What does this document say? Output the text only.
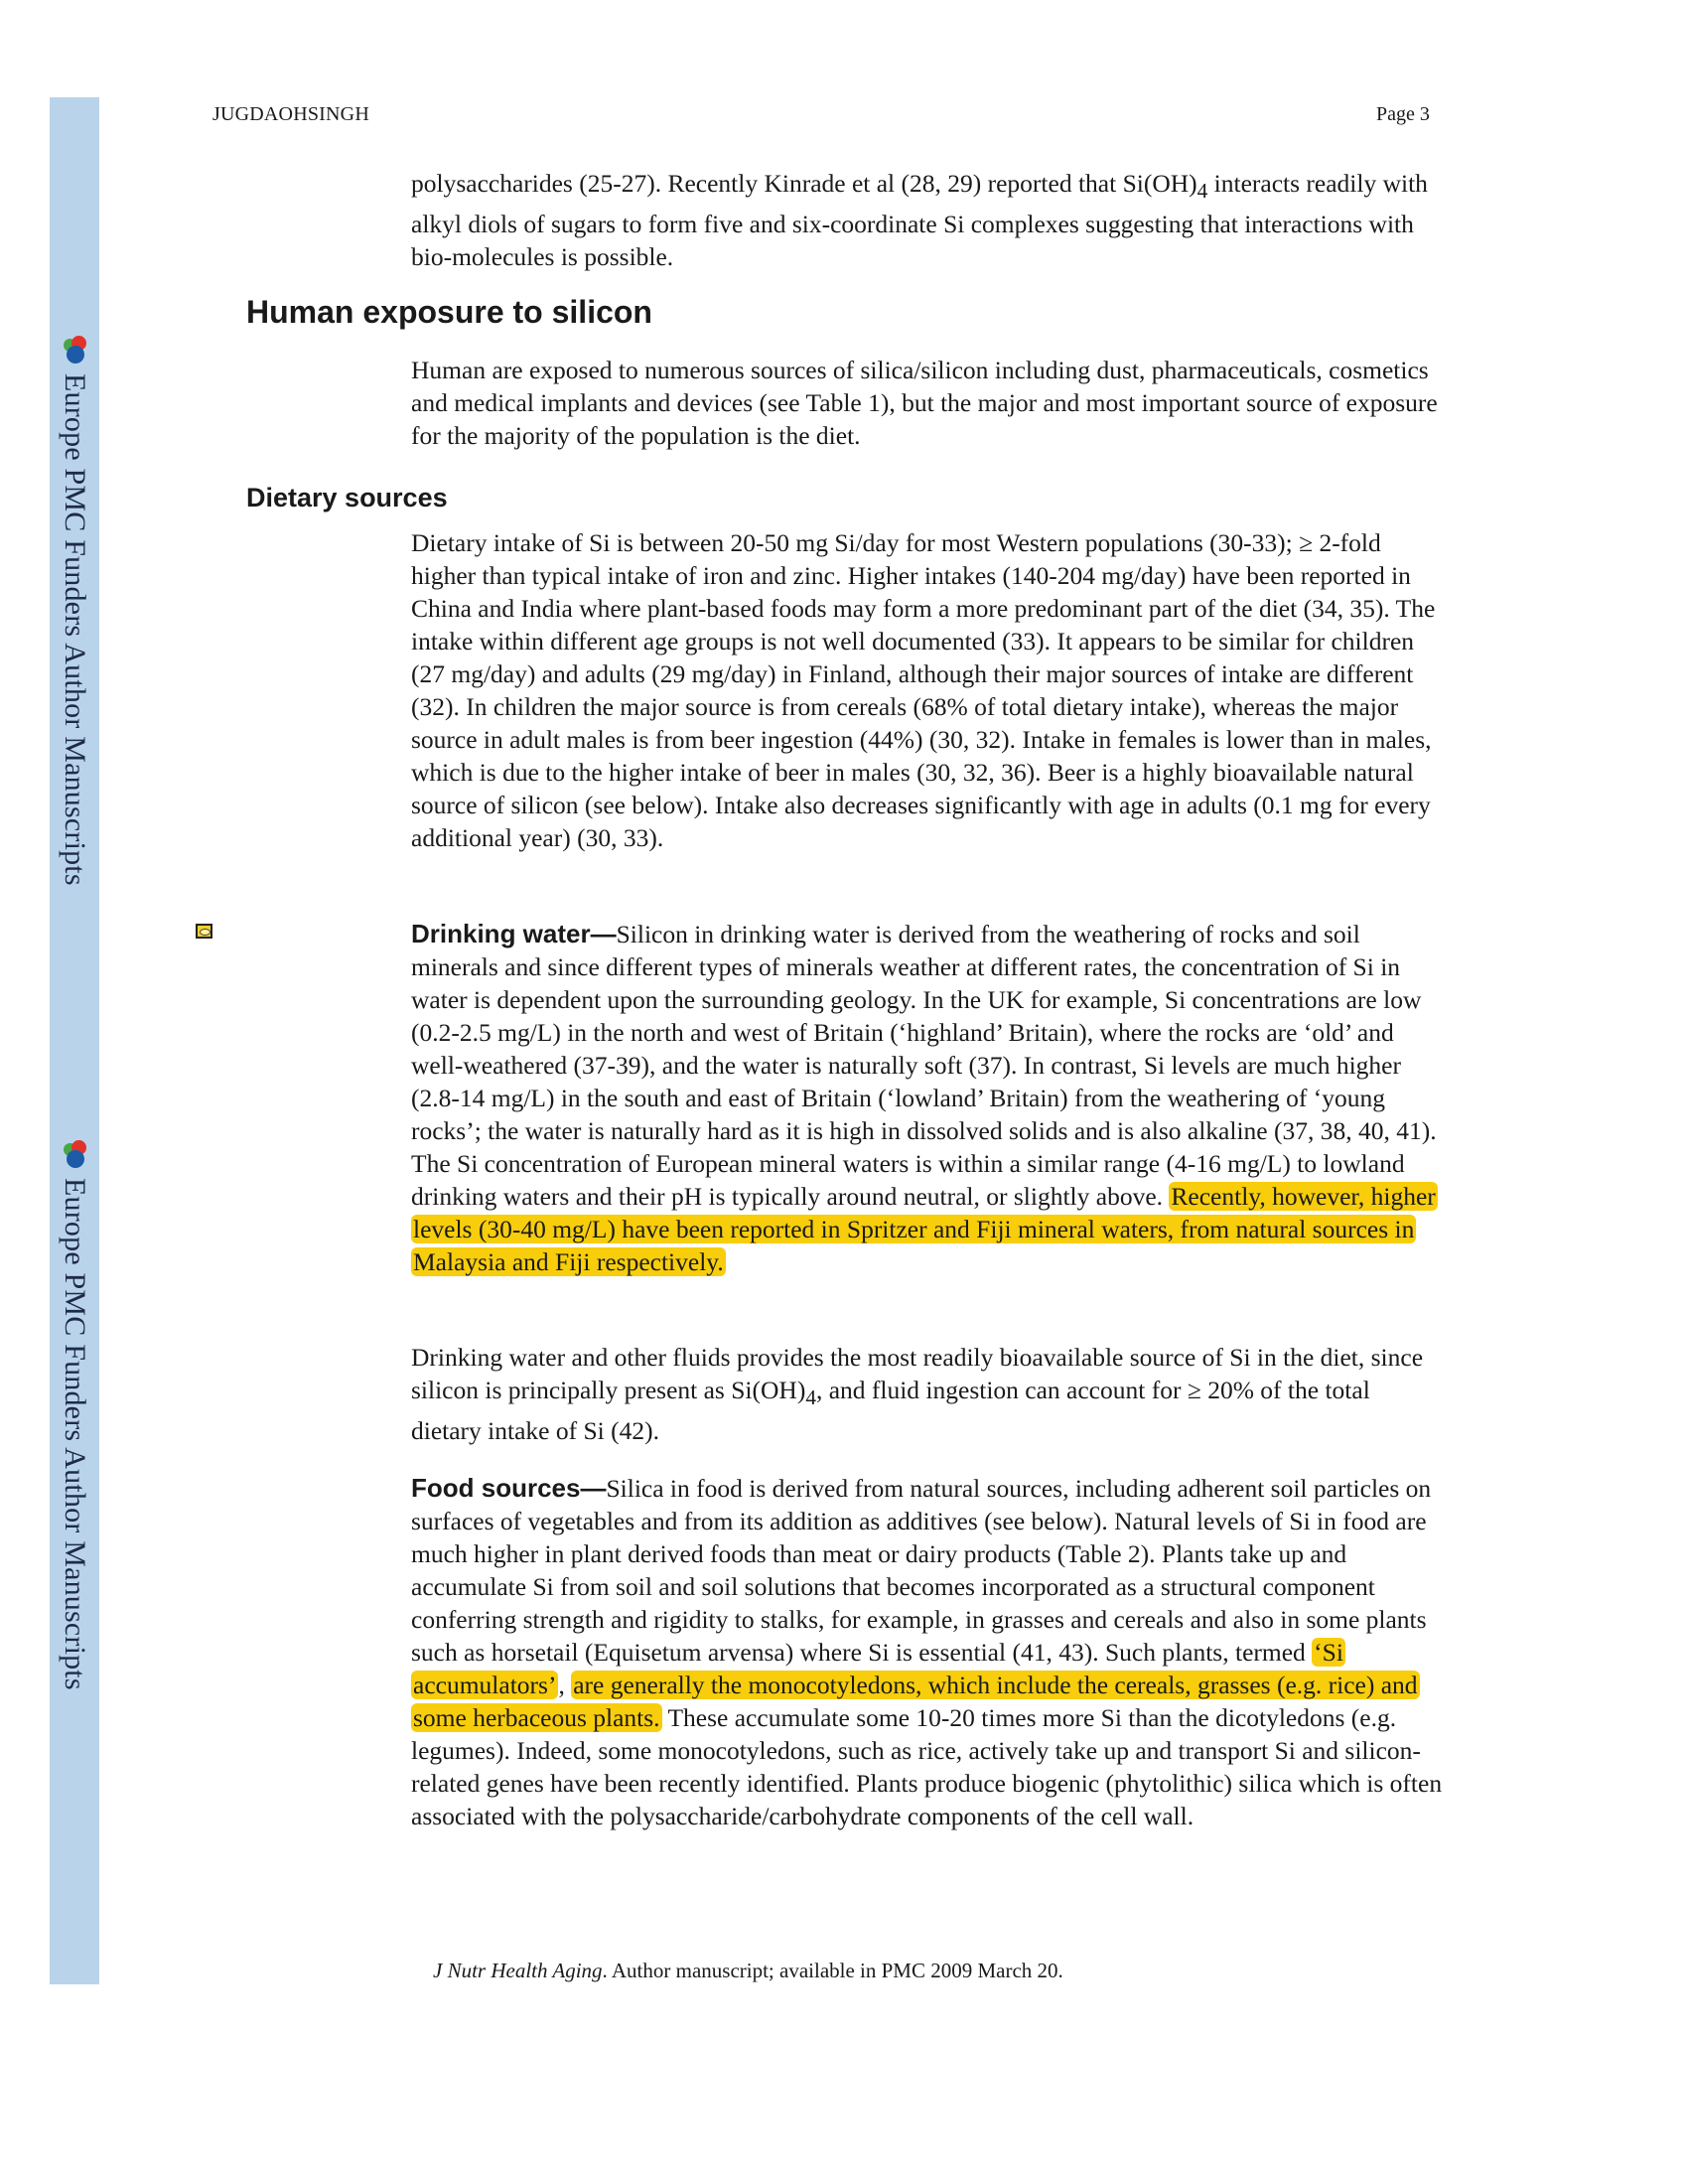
Europe PMC Funders Author Manuscripts
Europe PMC Funders Author Manuscripts
JUGDAOHSINGH	Page 3

polysaccharides (25-27). Recently Kinrade et al (28, 29) reported that $Si(OH)_4$ interacts readily with alkyl diols of sugars to form five and six-coordinate Si complexes suggesting that interactions with bio-molecules is possible.

Human exposure to silicon

Human are exposed to numerous sources of silica/silicon including dust, pharmaceuticals, cosmetics and medical implants and devices (see Table 1), but the major and most important source of exposure for the majority of the population is the diet.

Dietary sources

Dietary intake of Si is between 20-50 mg Si/day for most Western populations (30-33); ≥ 2-fold higher than typical intake of iron and zinc. Higher intakes (140-204 mg/day) have been reported in China and India where plant-based foods may form a more predominant part of the diet (34, 35). The intake within different age groups is not well documented (33). It appears to be similar for children (27 mg/day) and adults (29 mg/day) in Finland, although their major sources of intake are different (32). In children the major source is from cereals (68% of total dietary intake), whereas the major source in adult males is from beer ingestion (44%) (30, 32). Intake in females is lower than in males, which is due to the higher intake of beer in males (30, 32, 36). Beer is a highly bioavailable natural source of silicon (see below). Intake also decreases significantly with age in adults (0.1 mg for every additional year) (30, 33).

Drinking water—Silicon in drinking water is derived from the weathering of rocks and soil minerals and since different types of minerals weather at different rates, the concentration of Si in water is dependent upon the surrounding geology. In the UK for example, Si concentrations are low (0.2-2.5 mg/L) in the north and west of Britain (‘highland’ Britain), where the rocks are ‘old’ and well-weathered (37-39), and the water is naturally soft (37). In contrast, Si levels are much higher (2.8-14 mg/L) in the south and east of Britain (‘lowland’ Britain) from the weathering of ‘young rocks’; the water is naturally hard as it is high in dissolved solids and is also alkaline (37, 38, 40, 41). The Si concentration of European mineral waters is within a similar range (4-16 mg/L) to lowland drinking waters and their pH is typically around neutral, or slightly above. Recently, however, higher levels (30-40 mg/L) have been reported in Spritzer and Fiji mineral waters, from natural sources in Malaysia and Fiji respectively.

Drinking water and other fluids provides the most readily bioavailable source of Si in the diet, since silicon is principally present as $Si(OH)_4$, and fluid ingestion can account for ≥ 20% of the total dietary intake of Si (42).

Food sources—Silica in food is derived from natural sources, including adherent soil particles on surfaces of vegetables and from its addition as additives (see below). Natural levels of Si in food are much higher in plant derived foods than meat or dairy products (Table 2). Plants take up and accumulate Si from soil and soil solutions that becomes incorporated as a structural component conferring strength and rigidity to stalks, for example, in grasses and cereals and also in some plants such as horsetail (Equisetum arvensa) where Si is essential (41, 43). Such plants, termed ‘Si accumulators’, are generally the monocotyledons, which include the cereals, grasses (e.g. rice) and some herbaceous plants. These accumulate some 10-20 times more Si than the dicotyledons (e.g. legumes). Indeed, some monocotyledons, such as rice, actively take up and transport Si and silicon-related genes have been recently identified. Plants produce biogenic (phytolithic) silica which is often associated with the polysaccharide/carbohydrate components of the cell wall.

J Nutr Health Aging. Author manuscript; available in PMC 2009 March 20.
